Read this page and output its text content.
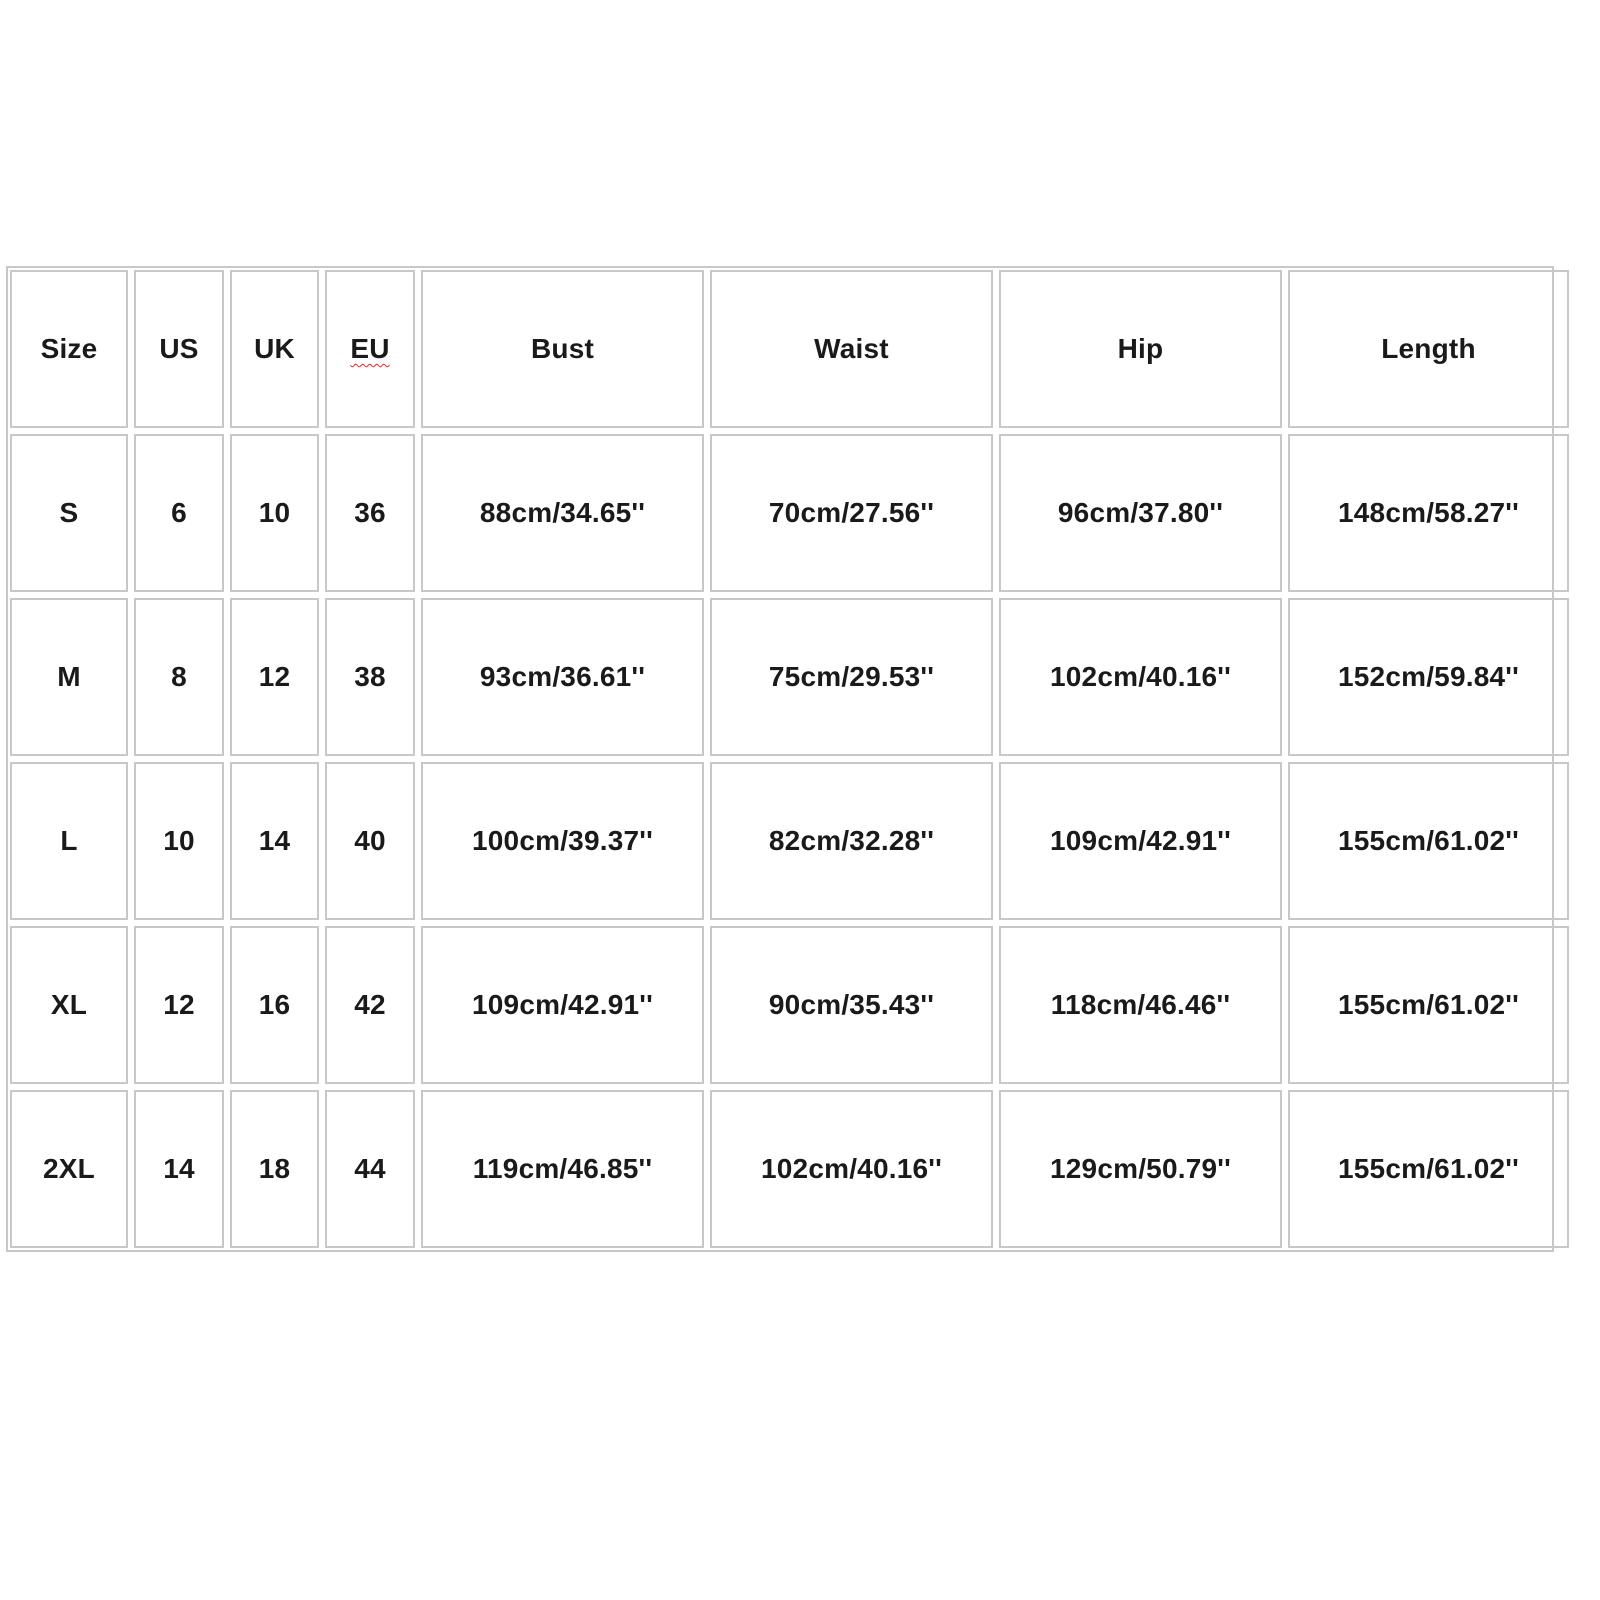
Size US UK EU	Bust	Waist	Hip	Length
S	6	10	36	88cm/34.65''	70cm/27.56''	96cm/37.80''	148cm/58.27''
M	8	12	38	93cm/36.61''	75cm/29.53''	102cm/40.16''	152cm/59.84''
L	10	14	40	100cm/39.37''	82cm/32.28''	109cm/42.91''	155cm/61.02''
XL	12	16	42	109cm/42.91''	90cm/35.43''	118cm/46.46''	155cm/61.02''
2XL	14	18	44	119cm/46.85''	102cm/40.16''	129cm/50.79''	155cm/61.02''
